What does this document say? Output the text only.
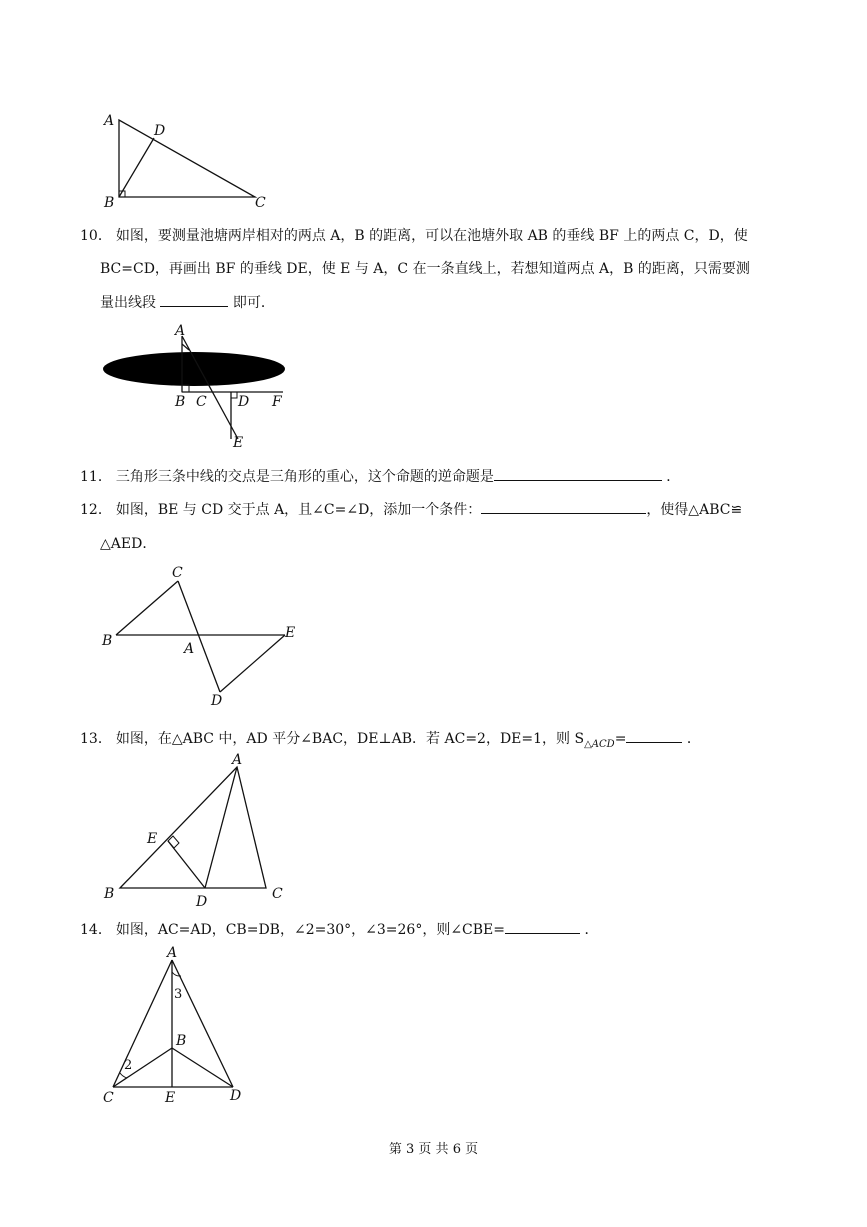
A
D
B	C
10． 如图，要测量池塘两岸相对的两点 A，B 的距离，可以在池塘外取 AB 的垂线 BF 上的两点 C，D，使
BC=CD，再画出 BF 的垂线 DE，使 E 与 A，C 在一条直线上，若想知道两点 A，B 的距离，只需要测
量出线段	即可．
A
B C D F
E
11． 三角形三条中线的交点是三角形的重心，这个命题的逆命题是	．
12． 如图，BE 与 CD 交于点 A，且∠C=∠D，添加一个条件：	，使得△ABC≌
△AED．
C
B	A
E
D
13． 如图，在△ABC 中，AD 平分∠BAC，DE⊥AB．若 AC=2，DE=1，则 $S_{\triangle ACD}=$	．
A
E
B	D	C
14． 如图，AC=AD，CB=DB，∠2=30°，∠3=26°，则∠CBE=	．
A
3
B
2
C	E	D
第 3 页 共 6 页
